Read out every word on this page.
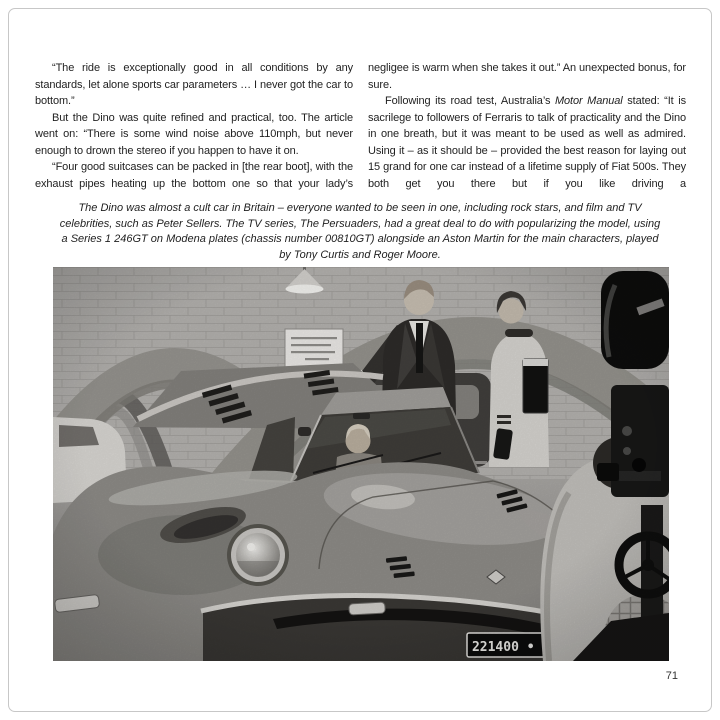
“The ride is exceptionally good in all conditions by any standards, let alone sports car parameters … I never got the car to bottom.”

But the Dino was quite refined and practical, too. The article went on: “There is some wind noise above 110mph, but never enough to drown the stereo if you happen to have it on.

“Four good suitcases can be packed in [the rear boot], with the exhaust pipes heating up the bottom one so that your lady’s

negligee is warm when she takes it out.” An unexpected bonus, for sure.

Following its road test, Australia’s Motor Manual stated: “It is sacrilege to followers of Ferraris to talk of practicality and the Dino in one breath, but it was meant to be used as well as admired. Using it – as it should be – provided the best reason for laying out 15 grand for one car instead of a lifetime supply of Fiat 500s. They both get you there but if you like driving a

The Dino was almost a cult car in Britain – everyone wanted to be seen in one, including rock stars, and film and TV celebrities, such as Peter Sellers. The TV series, The Persuaders, had a great deal to do with popularizing the model, using a Series 1 246GT on Modena plates (chassis number 00810GT) alongside an Aston Martin for the main characters, played by Tony Curtis and Roger Moore.

71
